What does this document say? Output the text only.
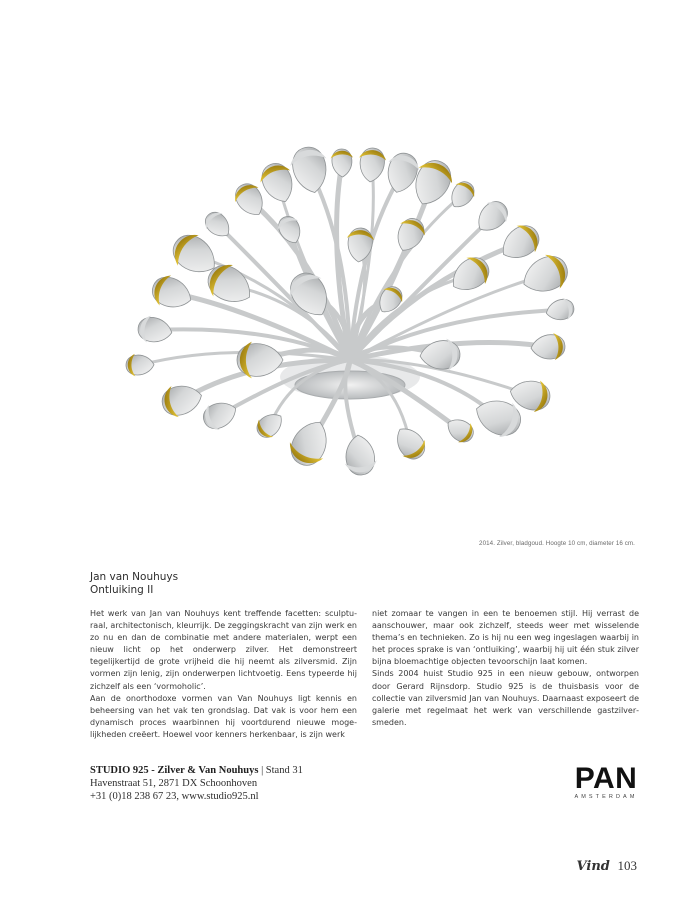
2014. Zilver, bladgoud. Hoogte 10 cm, diameter 16 cm.
Jan van Nouhuys
Ontluiking II

Het werk van Jan van Nouhuys kent treffende facetten: sculpturaal, architectonisch, kleurrijk. De zeggingskracht van zijn werk en zo nu en dan de combinatie met andere materialen, werpt een nieuw licht op het onderwerp zilver. Het demonstreert tegelijkertijd de grote vrijheid die hij neemt als zilversmid. Zijn vormen zijn lenig, zijn onderwerpen lichtvoetig. Eens typeerde hij zichzelf als een ‘vormoholic’.

Aan de onorthodoxe vormen van Van Nouhuys ligt kennis en beheersing van het vak ten grondslag. Dat vak is voor hem een dynamisch proces waarbinnen hij voortdurend nieuwe mogelijkheden creëert. Hoewel voor kenners herkenbaar, is zijn werk

niet zomaar te vangen in een te benoemen stijl. Hij verrast de aanschouwer, maar ook zichzelf, steeds weer met wisselende thema’s en technieken. Zo is hij nu een weg ingeslagen waarbij in het proces sprake is van ‘ontluiking’, waarbij hij uit één stuk zilver bijna bloemachtige objecten tevoorschijn laat komen.

Sinds 2004 huist Studio 925 in een nieuw gebouw, ontworpen door Gerard Rijnsdorp. Studio 925 is de thuisbasis voor de collectie van zilversmid Jan van Nouhuys. Daarnaast exposeert de galerie met regelmaat het werk van verschillende gastzilversmeden.

STUDIO 925 - Zilver & Van Nouhuys | Stand 31
Havenstraat 51, 2871 DX Schoonhoven
+31 (0)18 238 67 23, www.studio925.nl
PAN
AMSTERDAM
Vind 103
